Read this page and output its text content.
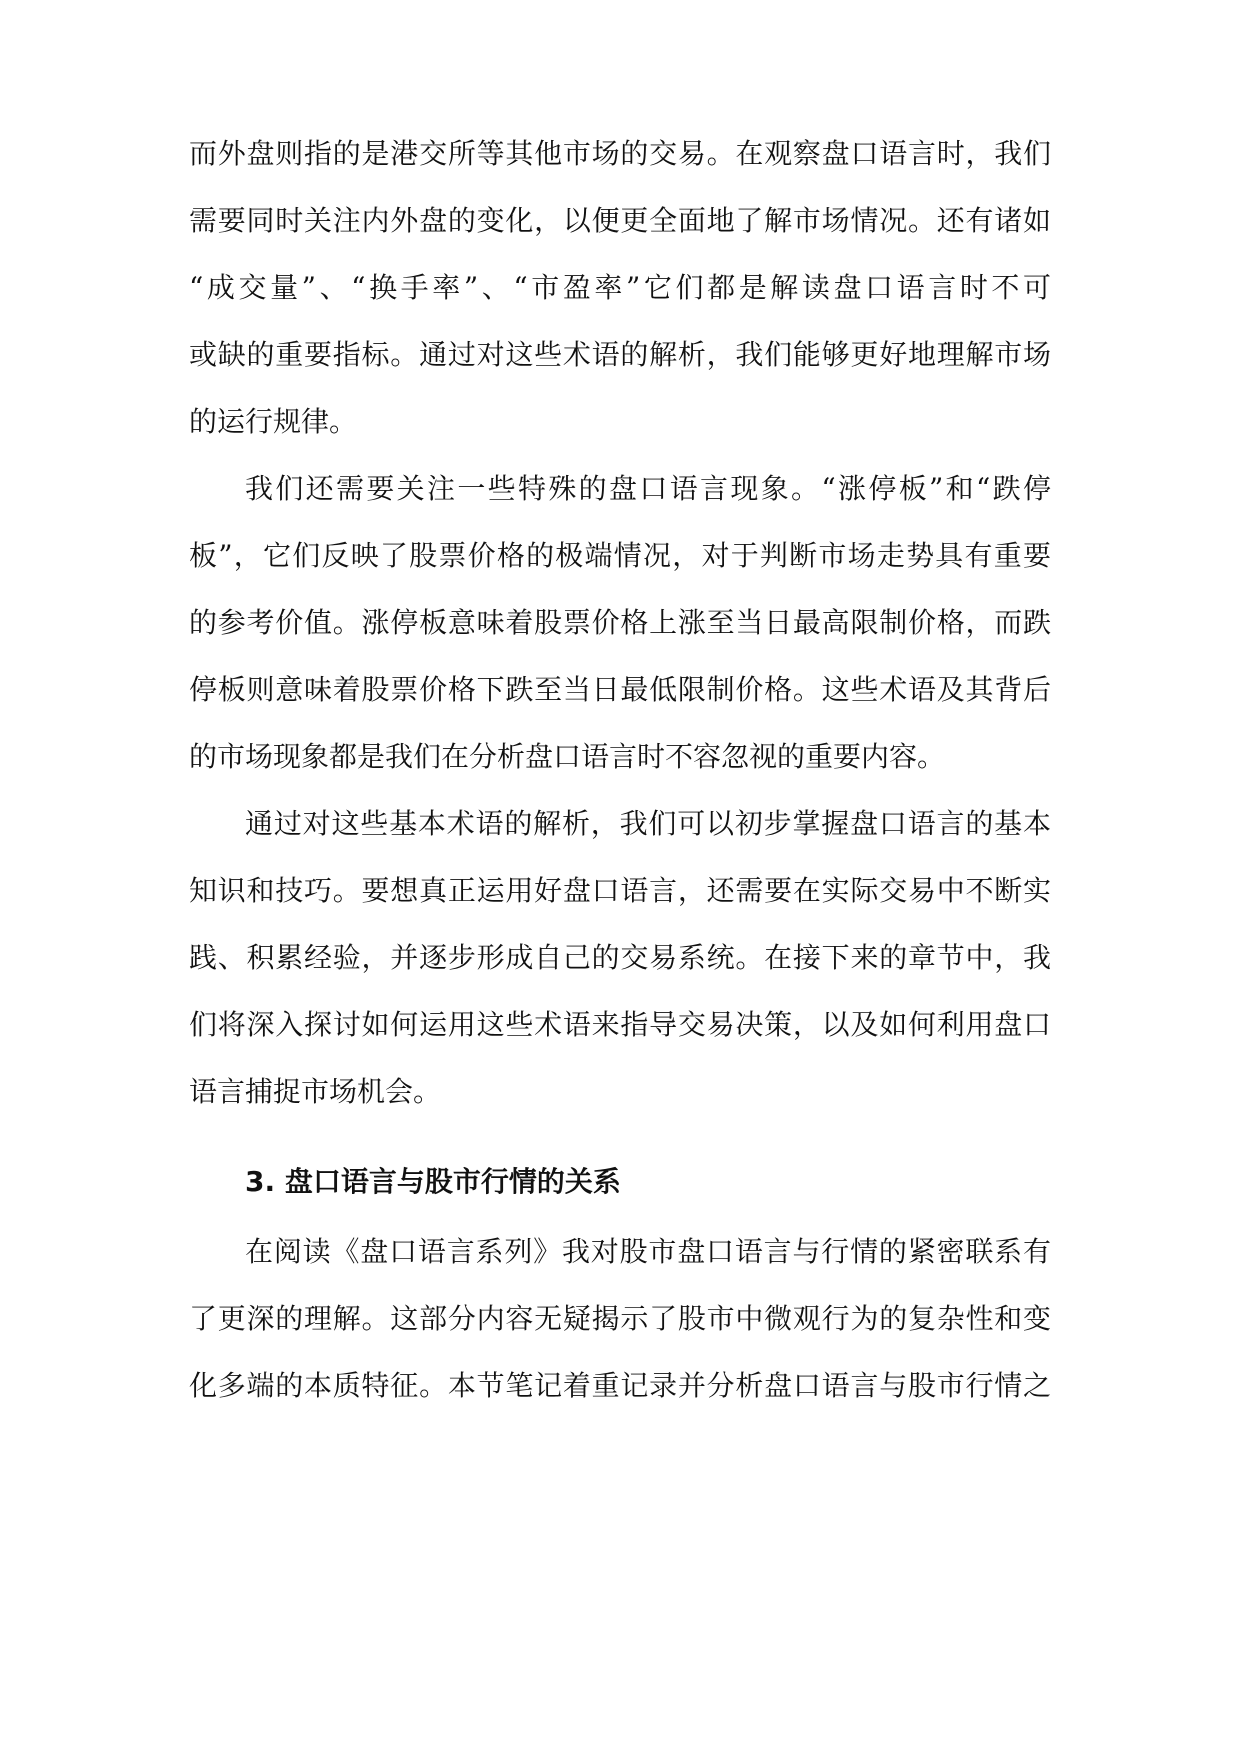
而外盘则指的是港交所等其他市场的交易。在观察盘口语言时，我们
需要同时关注内外盘的变化，以便更全面地了解市场情况。还有诸如
“成交量”、“换手率”、“市盈率”它们都是解读盘口语言时不可
或缺的重要指标。通过对这些术语的解析，我们能够更好地理解市场
的运行规律。
我们还需要关注一些特殊的盘口语言现象。“涨停板”和“跌停
板”，它们反映了股票价格的极端情况，对于判断市场走势具有重要
的参考价值。涨停板意味着股票价格上涨至当日最高限制价格，而跌
停板则意味着股票价格下跌至当日最低限制价格。这些术语及其背后
的市场现象都是我们在分析盘口语言时不容忽视的重要内容。
通过对这些基本术语的解析，我们可以初步掌握盘口语言的基本
知识和技巧。要想真正运用好盘口语言，还需要在实际交易中不断实
践、积累经验，并逐步形成自己的交易系统。在接下来的章节中，我
们将深入探讨如何运用这些术语来指导交易决策，以及如何利用盘口
语言捕捉市场机会。
3. 盘口语言与股市行情的关系
在阅读《盘口语言系列》我对股市盘口语言与行情的紧密联系有
了更深的理解。这部分内容无疑揭示了股市中微观行为的复杂性和变
化多端的本质特征。本节笔记着重记录并分析盘口语言与股市行情之
